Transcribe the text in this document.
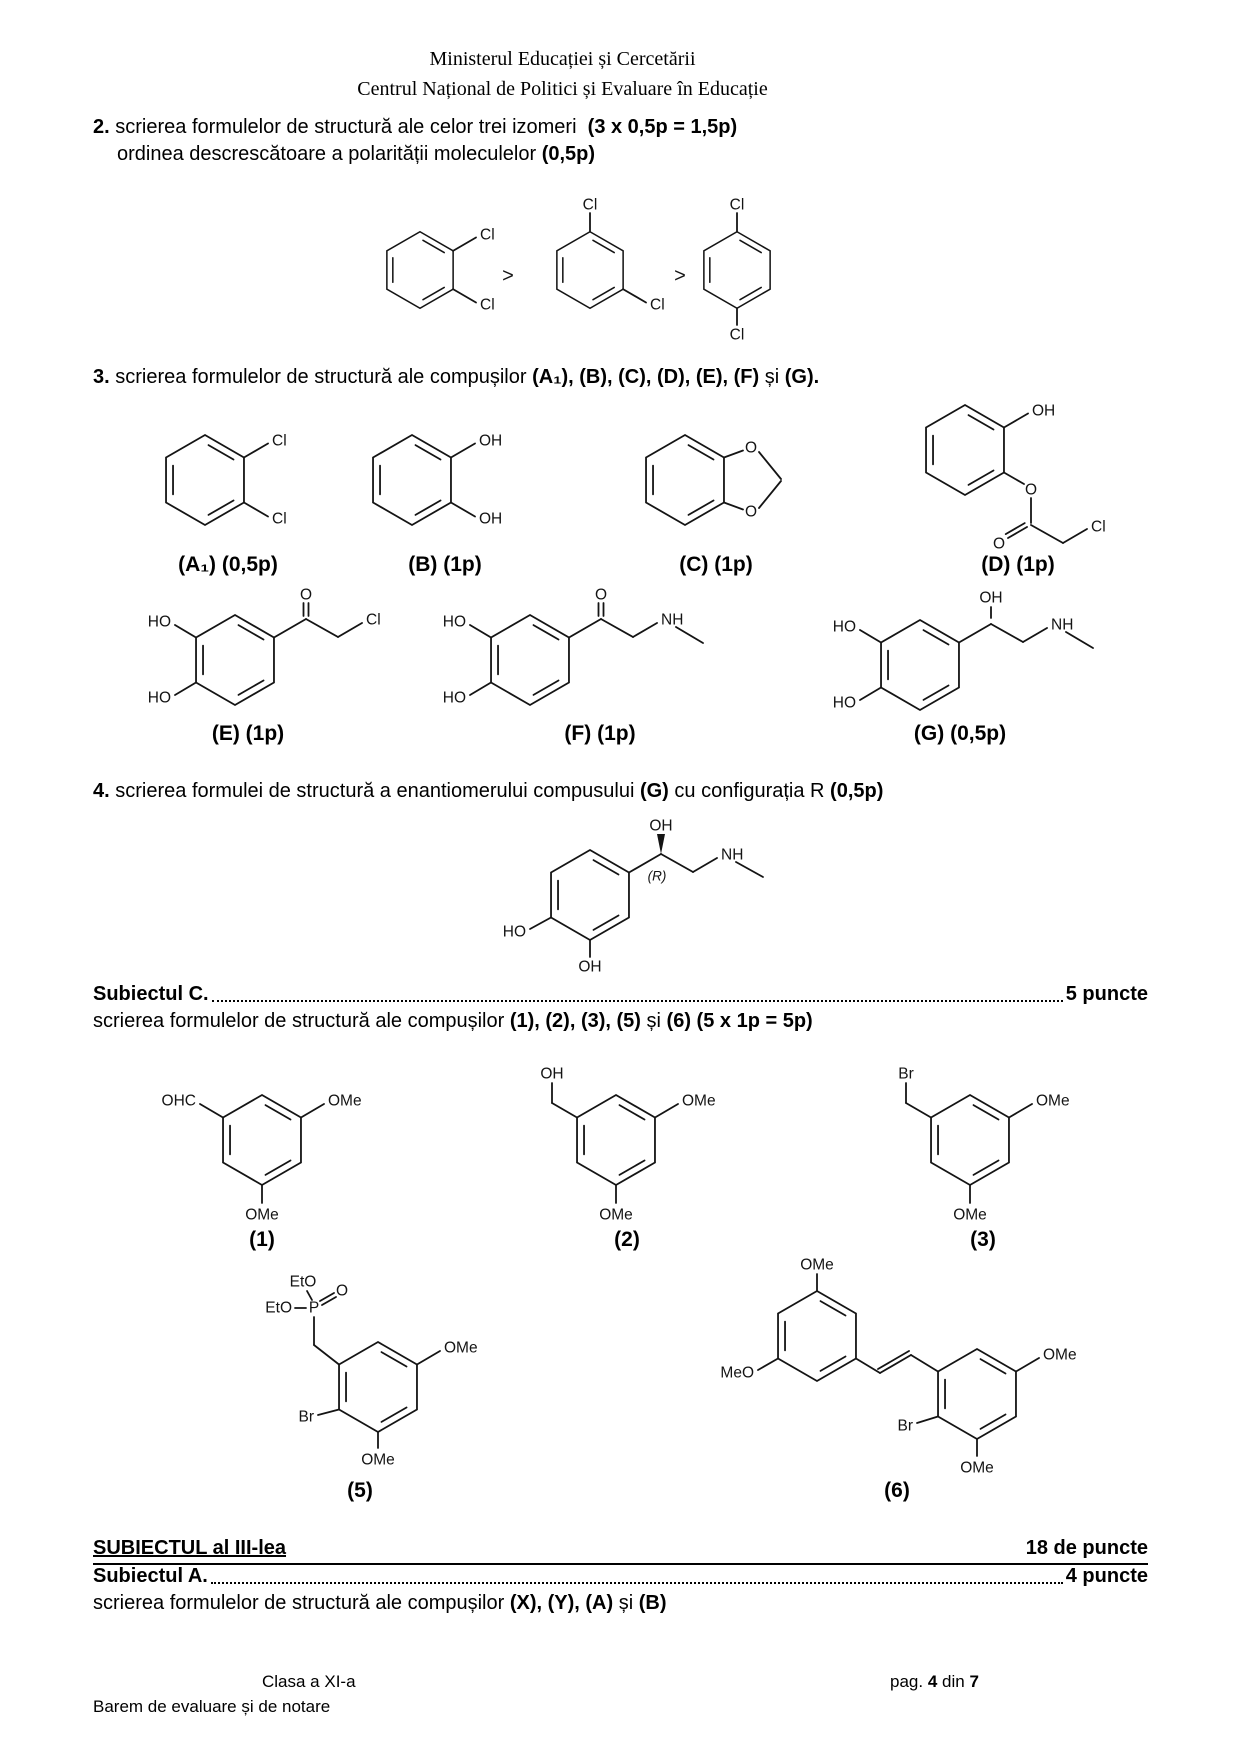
Ministerul Educației și Cercetării
Centrul Național de Politici și Evaluare în Educație
2. scrierea formulelor de structură ale celor trei izomeri (3 x 0,5p = 1,5p)
ordinea descrescătoare a polarității moleculelor (0,5p)
Cl
Cl
>
Cl
Cl
>
Cl
Cl
3. scrierea formulelor de structură ale compușilor (A₁), (B), (C), (D), (E), (F) și (G).
Cl
Cl
(A₁) (0,5p)
OH
OH
(B) (1p)
O
O
(C) (1p)
OH
O
O
Cl
(D) (1p)
HO
HO
O
Cl
(E) (1p)
HO
HO
O
NH
(F) (1p)
HO
HO
OH
NH
(G) (0,5p)
4. scrierea formulei de structură a enantiomerului compusului (G) cu configurația R (0,5p)
HO
OH
OH
(R)
NH
Subiectul C.	5 puncte
scrierea formulelor de structură ale compușilor (1), (2), (3), (5) și (6) (5 x 1p = 5p)
OHC	OMe
OMe
(1)
OH
OMe
OMe
(2)
Br
OMe
OMe
(3)
EtO
EtO P
O
Br
OMe
OMe
(5)
OMe
MeO
OMe
Br
OMe
(6)
SUBIECTUL al III-lea	18 de puncte
Subiectul A.	4 puncte
scrierea formulelor de structură ale compușilor (X), (Y), (A) și (B)
Clasa a XI-a	pag. 4 din 7
Barem de evaluare și de notare
